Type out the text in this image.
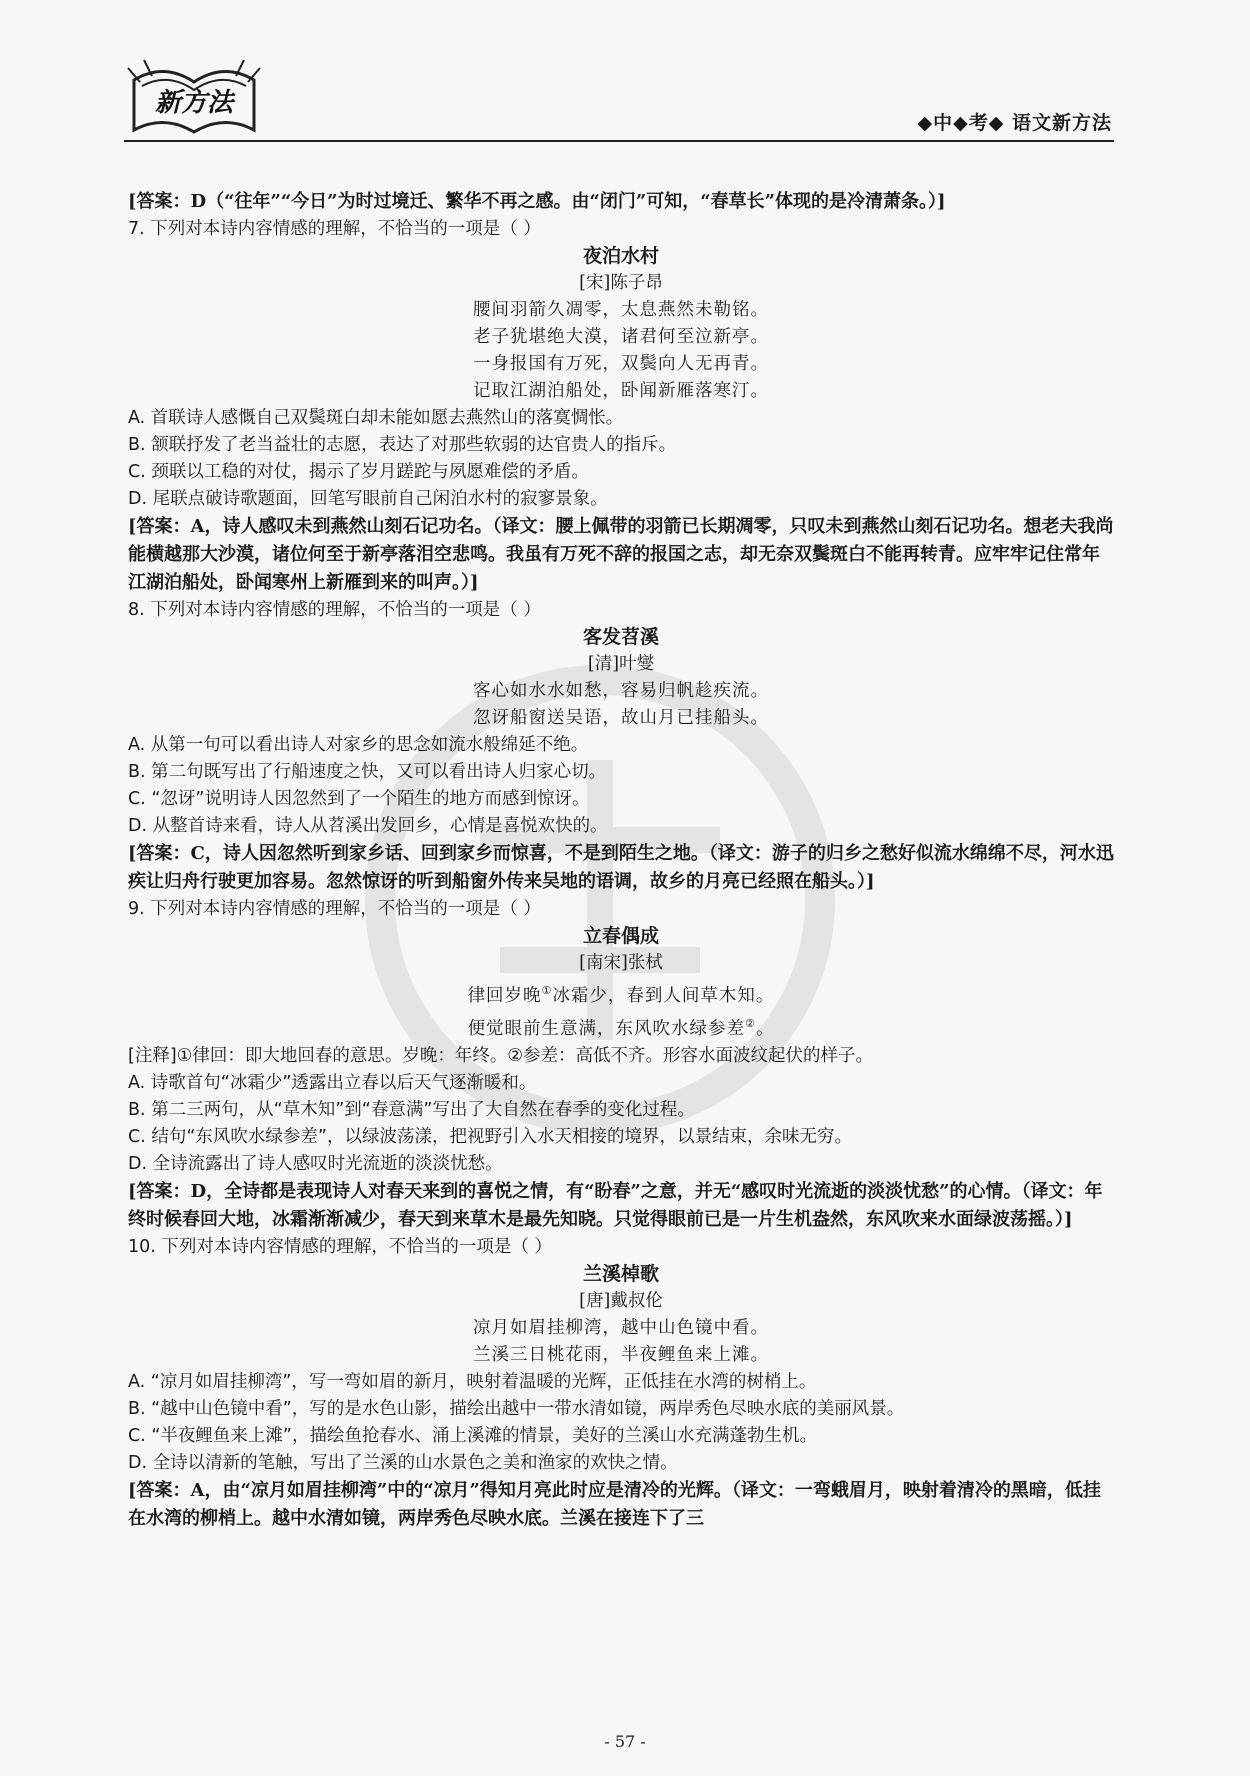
新方法
◆中◆考◆ 语文新方法

[答案：D（“往年”“今日”为时过境迁、繁华不再之感。由“闭门”可知，“春草长”体现的是冷清萧条。）]

7. 下列对本诗内容情感的理解，不恰当的一项是（ ）

夜泊水村

[宋]陈子昂

腰间羽箭久凋零，太息燕然未勒铭。

老子犹堪绝大漠，诸君何至泣新亭。

一身报国有万死，双鬓向人无再青。

记取江湖泊船处，卧闻新雁落寒汀。

A. 首联诗人感慨自己双鬓斑白却未能如愿去燕然山的落寞惆怅。

B. 颔联抒发了老当益壮的志愿，表达了对那些软弱的达官贵人的指斥。

C. 颈联以工稳的对仗，揭示了岁月蹉跎与夙愿难偿的矛盾。

D. 尾联点破诗歌题面，回笔写眼前自己闲泊水村的寂寥景象。

[答案：A，诗人感叹未到燕然山刻石记功名。（译文：腰上佩带的羽箭已长期凋零，只叹未到燕然山刻石记功名。想老夫我尚能横越那大沙漠，诸位何至于新亭落泪空悲鸣。我虽有万死不辞的报国之志，却无奈双鬓斑白不能再转青。应牢牢记住常年江湖泊船处，卧闻寒州上新雁到来的叫声。）]

8. 下列对本诗内容情感的理解，不恰当的一项是（ ）

客发苕溪

[清]叶燮

客心如水水如愁，容易归帆趁疾流。

忽讶船窗送吴语，故山月已挂船头。

A. 从第一句可以看出诗人对家乡的思念如流水般绵延不绝。

B. 第二句既写出了行船速度之快，又可以看出诗人归家心切。

C. “忽讶”说明诗人因忽然到了一个陌生的地方而感到惊讶。

D. 从整首诗来看，诗人从苕溪出发回乡，心情是喜悦欢快的。

[答案：C，诗人因忽然听到家乡话、回到家乡而惊喜，不是到陌生之地。（译文：游子的归乡之愁好似流水绵绵不尽，河水迅疾让归舟行驶更加容易。忽然惊讶的听到船窗外传来吴地的语调，故乡的月亮已经照在船头。）]

9. 下列对本诗内容情感的理解，不恰当的一项是（ ）

立春偶成

[南宋]张栻

律回岁晚①冰霜少，春到人间草木知。

便觉眼前生意满，东风吹水绿参差②。

[注释]①律回：即大地回春的意思。岁晚：年终。②参差：高低不齐。形容水面波纹起伏的样子。

A. 诗歌首句“冰霜少”透露出立春以后天气逐渐暖和。

B. 第二三两句，从“草木知”到“春意满”写出了大自然在春季的变化过程。

C. 结句“东风吹水绿参差”，以绿波荡漾，把视野引入水天相接的境界，以景结束，余味无穷。

D. 全诗流露出了诗人感叹时光流逝的淡淡忧愁。

[答案：D，全诗都是表现诗人对春天来到的喜悦之情，有“盼春”之意，并无“感叹时光流逝的淡淡忧愁”的心情。（译文：年终时候春回大地，冰霜渐渐减少，春天到来草木是最先知晓。只觉得眼前已是一片生机盎然，东风吹来水面绿波荡摇。）]

10. 下列对本诗内容情感的理解，不恰当的一项是（ ）

兰溪棹歌

[唐]戴叔伦

凉月如眉挂柳湾，越中山色镜中看。

兰溪三日桃花雨，半夜鲤鱼来上滩。

A. “凉月如眉挂柳湾”，写一弯如眉的新月，映射着温暖的光辉，正低挂在水湾的树梢上。

B. “越中山色镜中看”，写的是水色山影，描绘出越中一带水清如镜，两岸秀色尽映水底的美丽风景。

C. “半夜鲤鱼来上滩”，描绘鱼抢春水、涌上溪滩的情景，美好的兰溪山水充满蓬勃生机。

D. 全诗以清新的笔触，写出了兰溪的山水景色之美和渔家的欢快之情。

[答案：A，由“凉月如眉挂柳湾”中的“凉月”得知月亮此时应是清冷的光辉。（译文：一弯蛾眉月，映射着清冷的黑暗，低挂在水湾的柳梢上。越中水清如镜，两岸秀色尽映水底。兰溪在接连下了三

- 57 -
